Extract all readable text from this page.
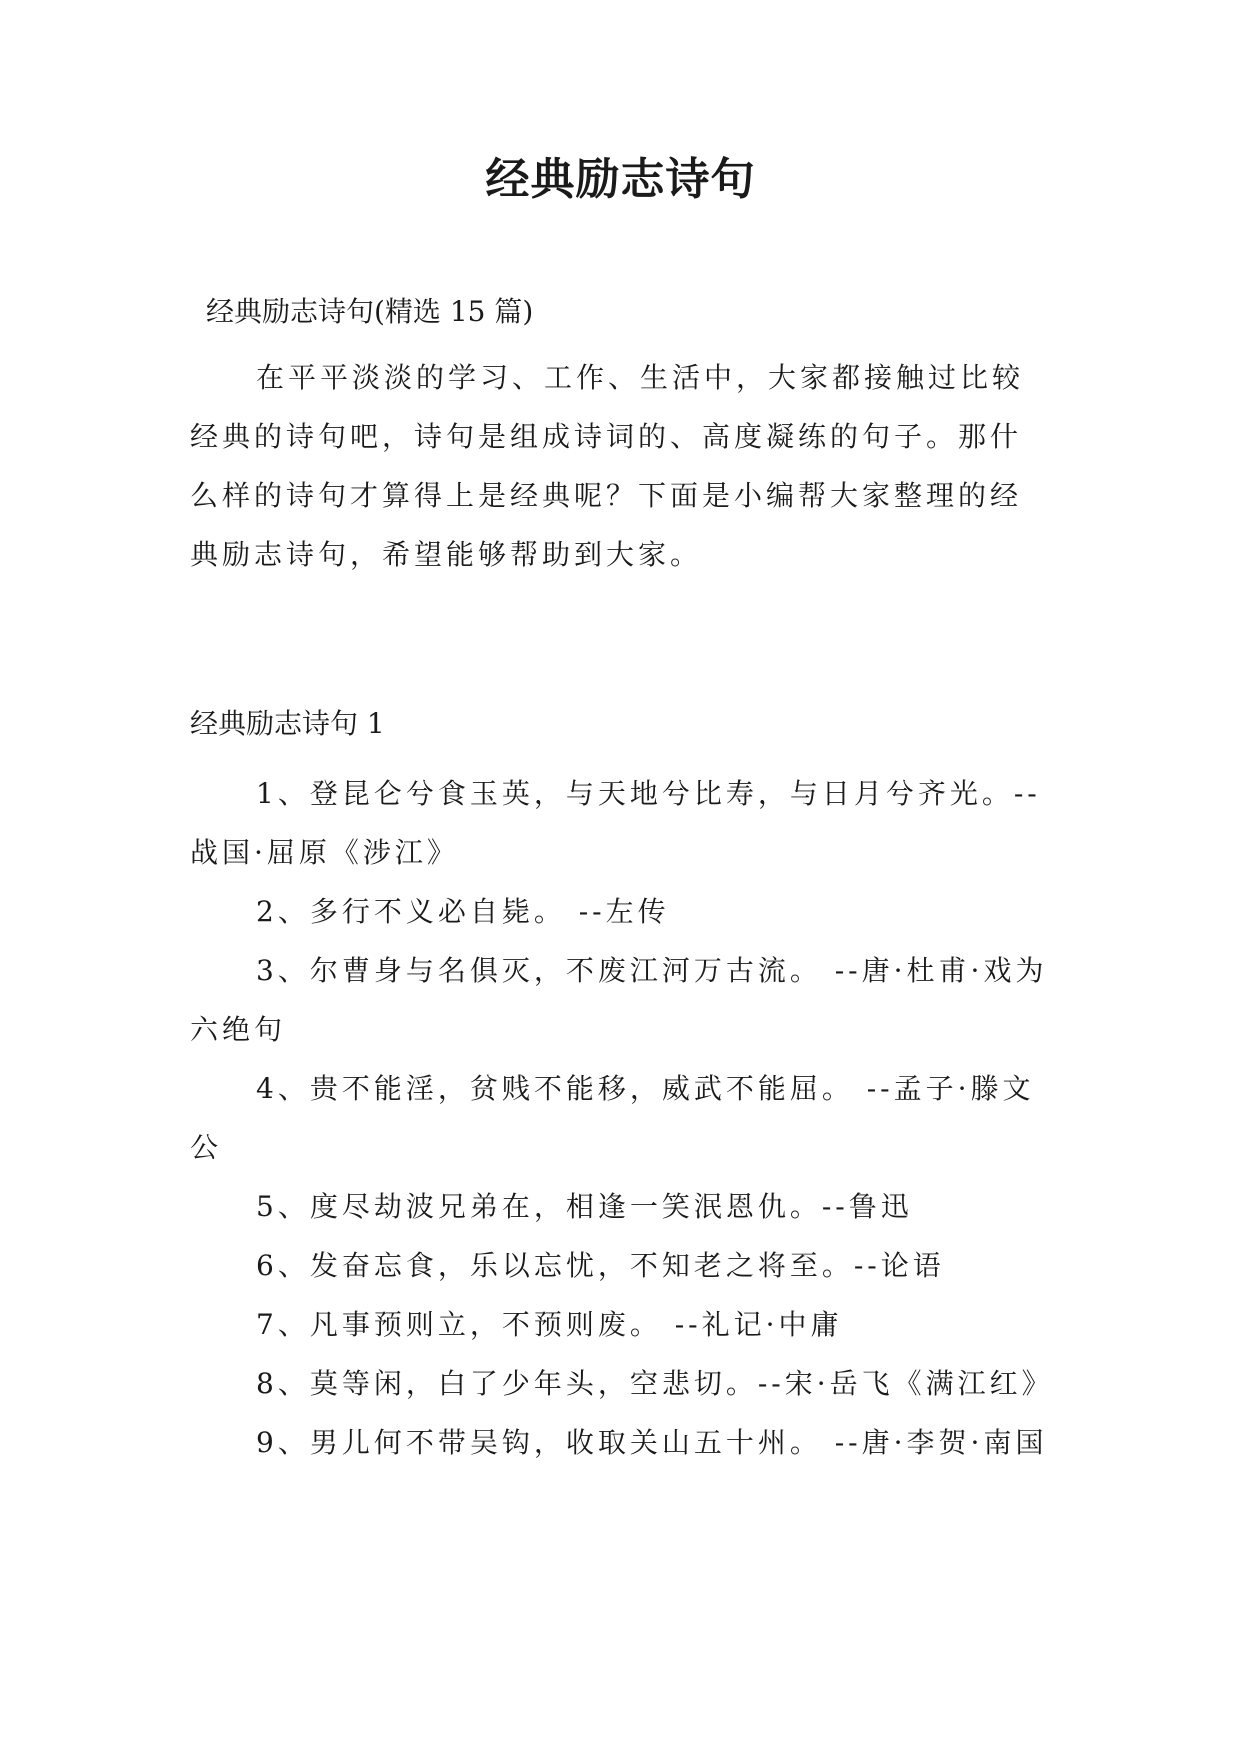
经典励志诗句
经典励志诗句(精选 15 篇)

在平平淡淡的学习、工作、生活中，大家都接触过比较经典的诗句吧，诗句是组成诗词的、高度凝练的句子。那什么样的诗句才算得上是经典呢？下面是小编帮大家整理的经典励志诗句，希望能够帮助到大家。

经典励志诗句 1

1、登昆仑兮食玉英，与天地兮比寿，与日月兮齐光。--战国·屈原《涉江》

2、多行不义必自毙。 --左传

3、尔曹身与名俱灭，不废江河万古流。 --唐·杜甫·戏为六绝句

4、贵不能淫，贫贱不能移，威武不能屈。 --孟子·滕文公

5、度尽劫波兄弟在，相逢一笑泯恩仇。--鲁迅

6、发奋忘食，乐以忘忧，不知老之将至。--论语

7、凡事预则立，不预则废。 --礼记·中庸

8、莫等闲，白了少年头，空悲切。--宋·岳飞《满江红》

9、男儿何不带吴钩，收取关山五十州。 --唐·李贺·南国
